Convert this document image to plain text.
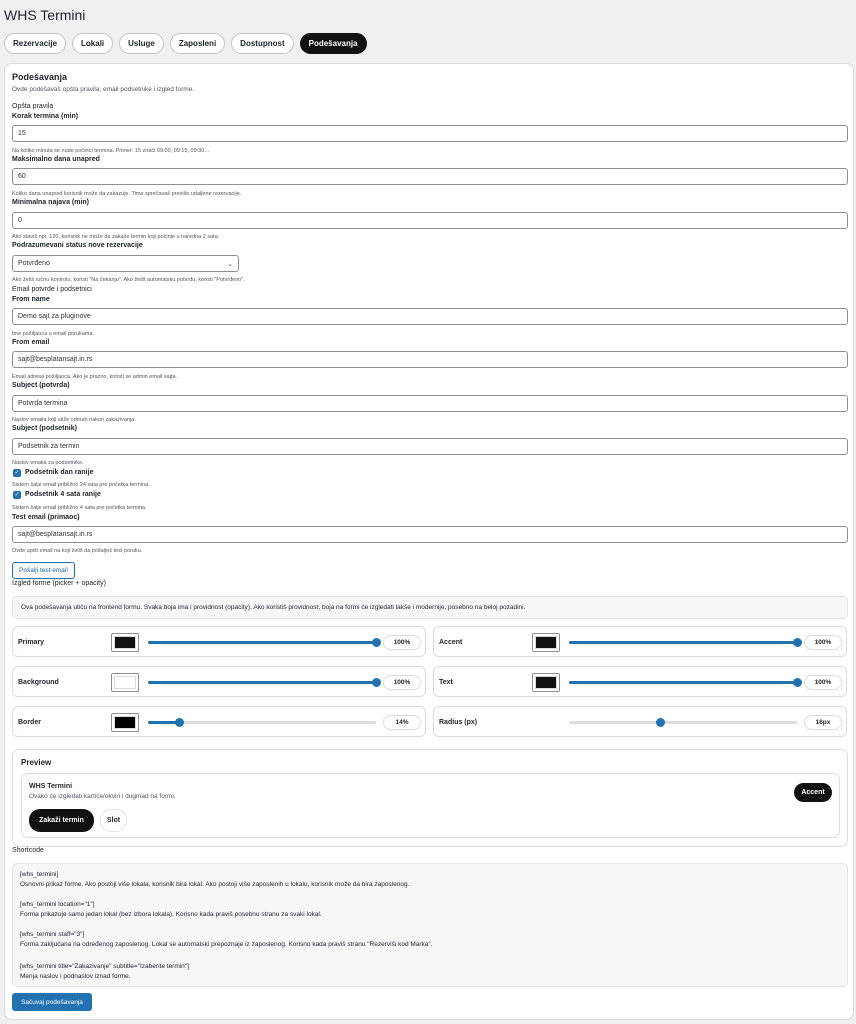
WHS Termini
Rezervacije	Lokali	Usluge	Zaposleni	Dostupnost	Podešavanja
Podešavanja
Ovde podešavaš opšta pravila, email podsetnike i izgled forme.
Opšta pravila
Korak termina (min)
15
Na koliko minuta se nude početci termina. Primer: 15 znači 09:00, 09:15, 09:30...
Maksimalno dana unapred
60
Koliko dana unapred korisnik može da zakazuje. Time sprečavaš previše udaljene rezervacije.
Minimalna najava (min)
0
Ako staviš npr. 120, korisnik ne može da zakaže termin koji počinje u narednа 2 sata.
Podrazumevani status nove rezervacije
Potvrđeno	⌄
Ako želiš ručnu kontrolu, koristi "Na čekanju". Ako želiš automatsku potvrdu, koristi "Potvrđeno".
Email potvrde i podsetnici
From name
Demo sajt za pluginove
Ime pošiljaoca u email porukama.
From email
sajt@besplatansajt.in.rs
Email adresa pošiljaoca. Ako je prazno, koristi se admin email sajta.
Subject (potvrda)
Potvrda termina
Naslov emaila koji stiže odmah nakon zakazivanja.
Subject (podsetnik)
Podsetnik za termin
Naslov emaila za podsetnike.
✓ Podsetnik dan ranije
Sistem šalje email približno 24 sata pre početka termina.
✓ Podsetnik 4 sata ranije
Sistem šalje email približno 4 sata pre početka termina.
Test email (primaoc)
sajt@besplatansajt.in.rs
Ovde upiši email na koji želiš da pošalješ test poruku.
Pošalji test email
Izgled forme (picker + opacity)
Ova podešavanja utiču na frontend formu. Svaka boja ima i providnost (opacity). Ako koristiš providnost, boja na formi će izgledati lakše i modernije, posebno na beloj pozadini.
Primary	100%	Accent	100%
Background	100%	Text	100%
Border	14%	Radius (px)	16px
Preview
WHS Termini
Ovako će izgledati kartice/okviri i dugmad na formi.
Accent
Zakaži termin	Slot
Shortcode
[whs_termini]
Osnovni prikaz forme. Ako postoji više lokala, korisnik bira lokal. Ako postoji više zaposlenih u lokalu, korisnik može da bira zaposlenog.
[whs_termini location="1"]
Forma prikazuje samo jedan lokal (bez izbora lokala). Korisno kada praviš posebnu stranu za svaki lokal.
[whs_termini staff="3"]
Forma zaključana na određenog zaposlenog. Lokal se automatski prepoznaje iz zaposlenog. Korisno kada praviš stranu "Rezerviši kod Marka".
[whs_termini title="Zakazivanje" subtitle="Izaberite termin"]
Menja naslov i podnaslov iznad forme.
Sačuvaj podešavanja
